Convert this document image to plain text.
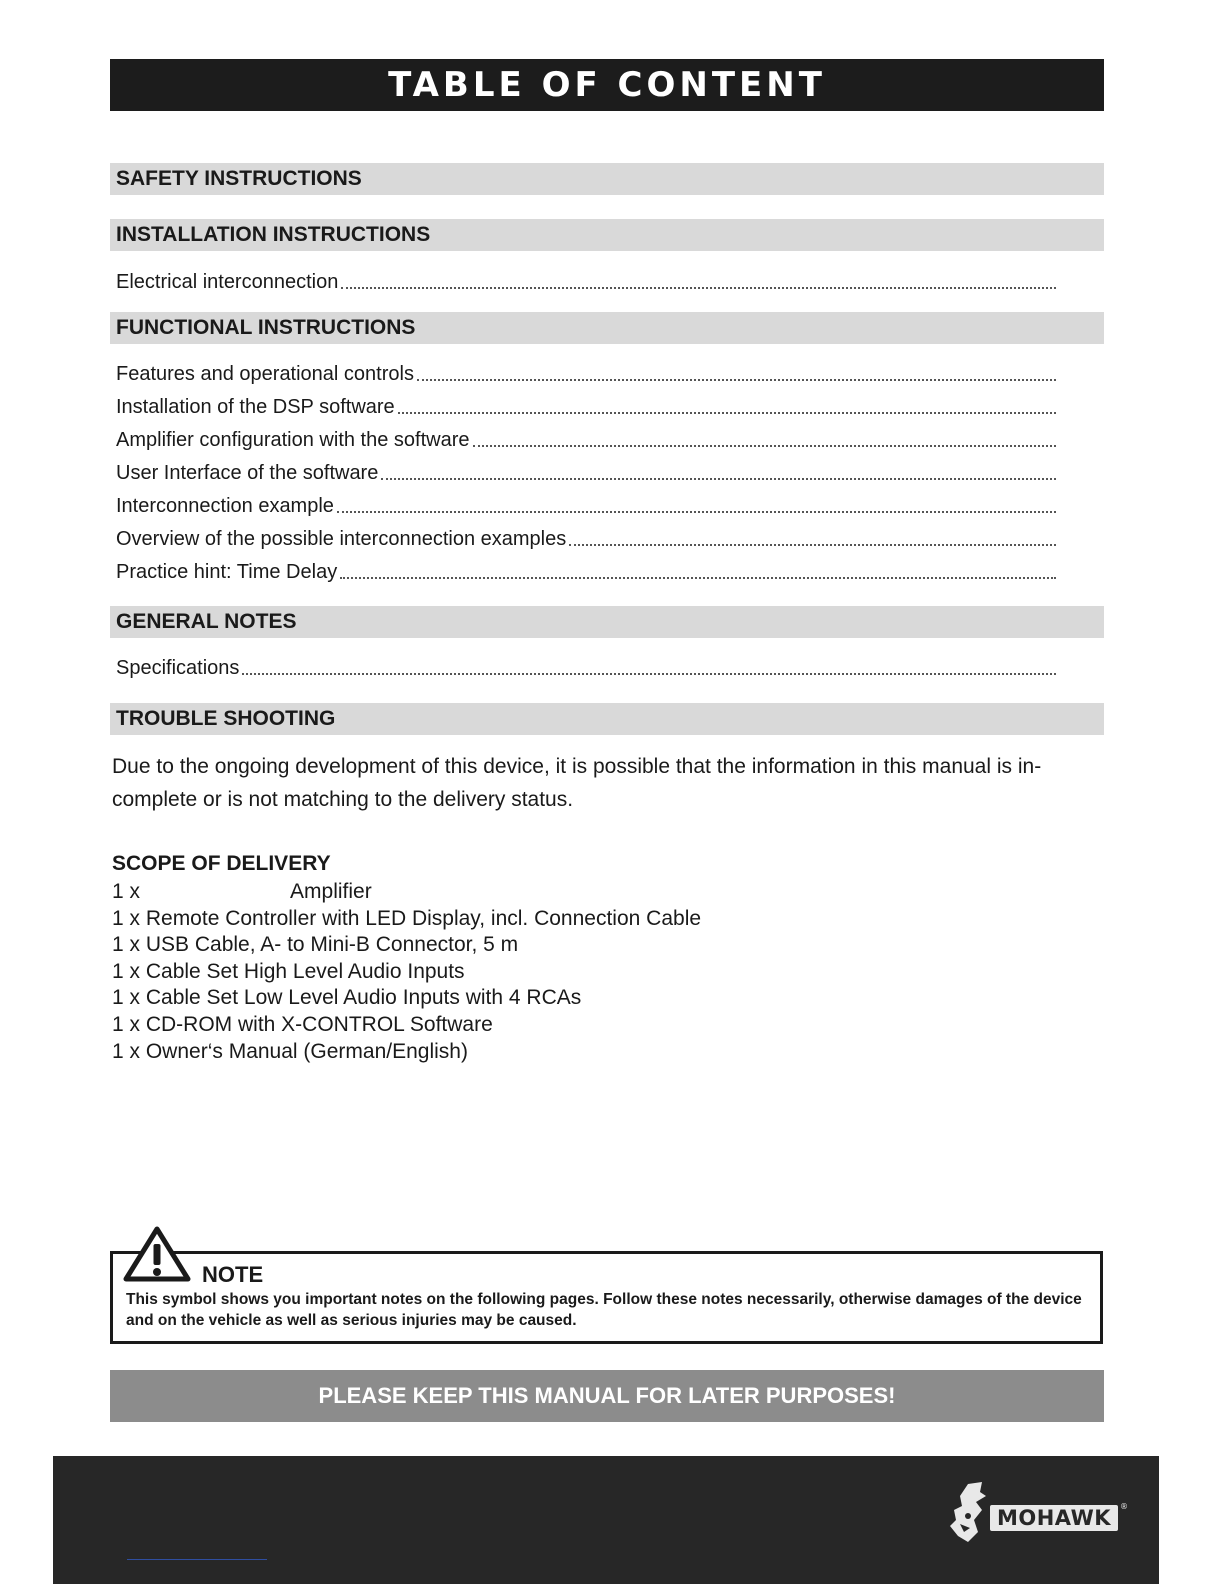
TABLE OF CONTENT
SAFETY INSTRUCTIONS
INSTALLATION INSTRUCTIONS
Electrical interconnection
FUNCTIONAL INSTRUCTIONS
Features and operational controls
Installation of the DSP software
Amplifier configuration with the software
User Interface of the software
Interconnection example
Overview of the possible interconnection examples
Practice hint: Time Delay
GENERAL NOTES
Specifications
TROUBLE SHOOTING
Due to the ongoing development of this device, it is possible that the information in this manual is in-complete or is not matching to the delivery status.
SCOPE OF DELIVERY
1 x	Amplifier
1 x Remote Controller with LED Display, incl. Connection Cable
1 x USB Cable, A- to Mini-B Connector, 5 m
1 x Cable Set High Level Audio Inputs
1 x Cable Set Low Level Audio Inputs with 4 RCAs
1 x CD-ROM with X-CONTROL Software
1 x Owner‘s Manual (German/English)
NOTE
This symbol shows you important notes on the following pages. Follow these notes necessarily, otherwise damages of the device and on the vehicle as well as serious injuries may be caused.
PLEASE KEEP THIS MANUAL FOR LATER PURPOSES!
MOHAWK ®
